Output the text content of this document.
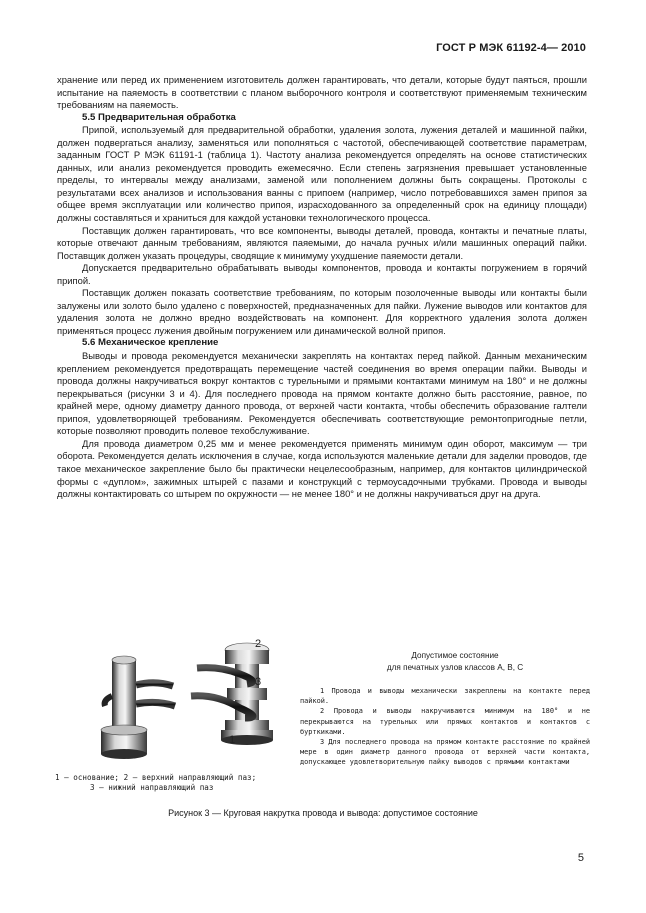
ГОСТ Р МЭК 61192-4— 2010

хранение или перед их применением изготовитель должен гарантировать, что детали, которые будут паяться, прошли испытание на паяемость в соответствии с планом выборочного контроля и соответствуют применяемым техническим требованиям на паяемость.

5.5 Предварительная обработка

Припой, используемый для предварительной обработки, удаления золота, лужения деталей и машинной пайки, должен подвергаться анализу, заменяться или пополняться с частотой, обеспечивающей соответствие параметрам, заданным ГОСТ Р МЭК 61191-1 (таблица 1). Частоту анализа рекомендуется определять на основе статистических данных, или анализ рекомендуется проводить ежемесячно. Если степень загрязнения превышает установленные пределы, то интервалы между анализами, заменой или пополнением должны быть сокращены. Протоколы с результатами всех анализов и использования ванны с припоем (например, число потребовавшихся замен припоя за общее время эксплуатации или количество припоя, израсходованного за определенный срок на единицу площади) должны составляться и храниться для каждой установки технологического процесса.

Поставщик должен гарантировать, что все компоненты, выводы деталей, провода, контакты и печатные платы, которые отвечают данным требованиям, являются паяемыми, до начала ручных и/или машинных операций пайки. Поставщик должен указать процедуры, сводящие к минимуму ухудшение паяемости детали.

Допускается предварительно обрабатывать выводы компонентов, провода и контакты погружением в горячий припой.

Поставщик должен показать соответствие требованиям, по которым позолоченные выводы или контакты были залужены или золото было удалено с поверхностей, предназначенных для пайки. Лужение выводов или контактов для удаления золота не должно вредно воздействовать на компонент. Для корректного удаления золота должен применяться процесс лужения двойным погружением или динамической волной припоя.

5.6 Механическое крепление

Выводы и провода рекомендуется механически закреплять на контактах перед пайкой. Данным механическим креплением рекомендуется предотвращать перемещение частей соединения во время операции пайки. Выводы и провода должны накручиваться вокруг контактов с турельными и прямыми контактами минимум на 180° и не должны перекрываться (рисунки 3 и 4). Для последнего провода на прямом контакте должно быть расстояние, равное, по крайней мере, одному диаметру данного провода, от верхней части контакта, чтобы обеспечить образование галтели припоя, удовлетворяющей требованиям. Рекомендуется обеспечивать соответствующие ремонтопригодные петли, которые позволяют проводить полевое техобслуживание.

Для провода диаметром 0,25 мм и менее рекомендуется применять минимум один оборот, максимум — три оборота. Рекомендуется делать исключения в случае, когда используются маленькие детали для заделки проводов, где такое механическое закрепление было бы практически нецелесообразным, например, для контактов цилиндрической формы с «дуплом», зажимных штырей с пазами и конструкций с термоусадочными трубками. Провода и выводы должны контактировать со штырем по окружности — не менее 180° и не должны накручиваться друг на друга.

2
3
1
1 — основание; 2 — верхний направляющий паз;
3 — нижний направляющий паз
Допустимое состояние
для печатных узлов классов А, В, С

1 Провода и выводы механически закреплены на контакте перед пайкой.

2 Провода и выводы накручиваются минимум на 180° и не перекрываются на турельных или прямых контактов и контактов с бурткиками.

3 Для последнего провода на прямом контакте расстояние по крайней мере в один диаметр данного провода от верхней части контакта, допускающее удовлетворительную пайку выводов с прямыми контактами

Рисунок 3 — Круговая накрутка провода и вывода: допустимое состояние
5
